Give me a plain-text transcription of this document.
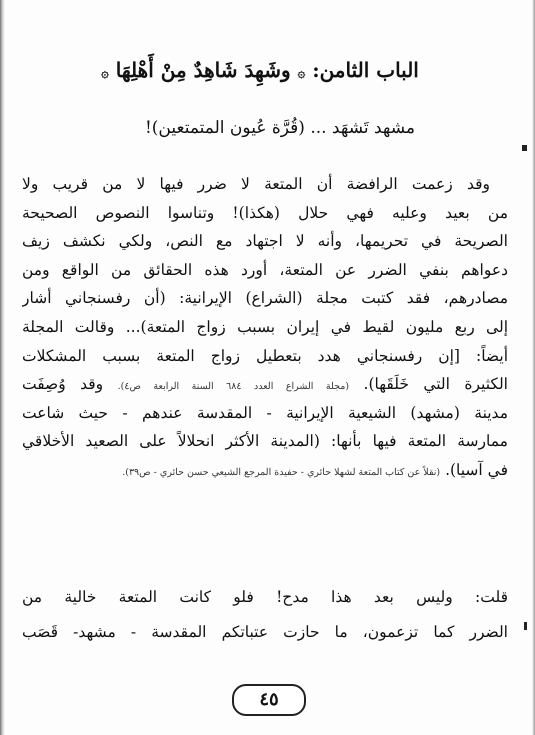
الباب الثامن: ۞ وشَهِدَ شَاهِدٌ مِنْ أَهْلِهَا ۞
مشهد تَشهَد ... (قُرَّة عُيون المتمتعين)!
وقد زعمت الرافضة أن المتعة لا ضرر فيها لا من قريب ولا
من بعيد وعليه فهي حلال (هكذا)! وتناسوا النصوص الصحيحة
الصريحة في تحريمها، وأنه لا اجتهاد مع النص، ولكي نكشف زيف
دعواهم بنفي الضرر عن المتعة، أورد هذه الحقائق من الواقع ومن
مصادرهم، فقد كتبت مجلة (الشراع) الإيرانية: (أن رفسنجاني أشار
إلى ربع مليون لقيط في إيران بسبب زواج المتعة)... وقالت المجلة
أيضاً: [إن رفسنجاني هدد بتعطيل زواج المتعة بسبب المشكلات
الكثيرة التي خَلَقَها). (مجلة الشراع العدد ٦٨٤ السنة الرابعة ص٤). وقد وُصِفَت
مدينة (مشهد) الشيعية الإيرانية - المقدسة عندهم - حيث شاعت
ممارسة المتعة فيها بأنها: (المدينة الأكثر انحلالاً على الصعيد الأخلاقي
في آسيا). (نقلاً عن كتاب المتعة لشهلا حائري - حفيدة المرجع الشيعي حسن حائري - ص٣٩).
قلت: وليس بعد هذا مدح! فلو كانت المتعة خالية من
الضرر كما تزعمون، ما حازت عتباتكم المقدسة - مشهد- قَصَب
٤٥
